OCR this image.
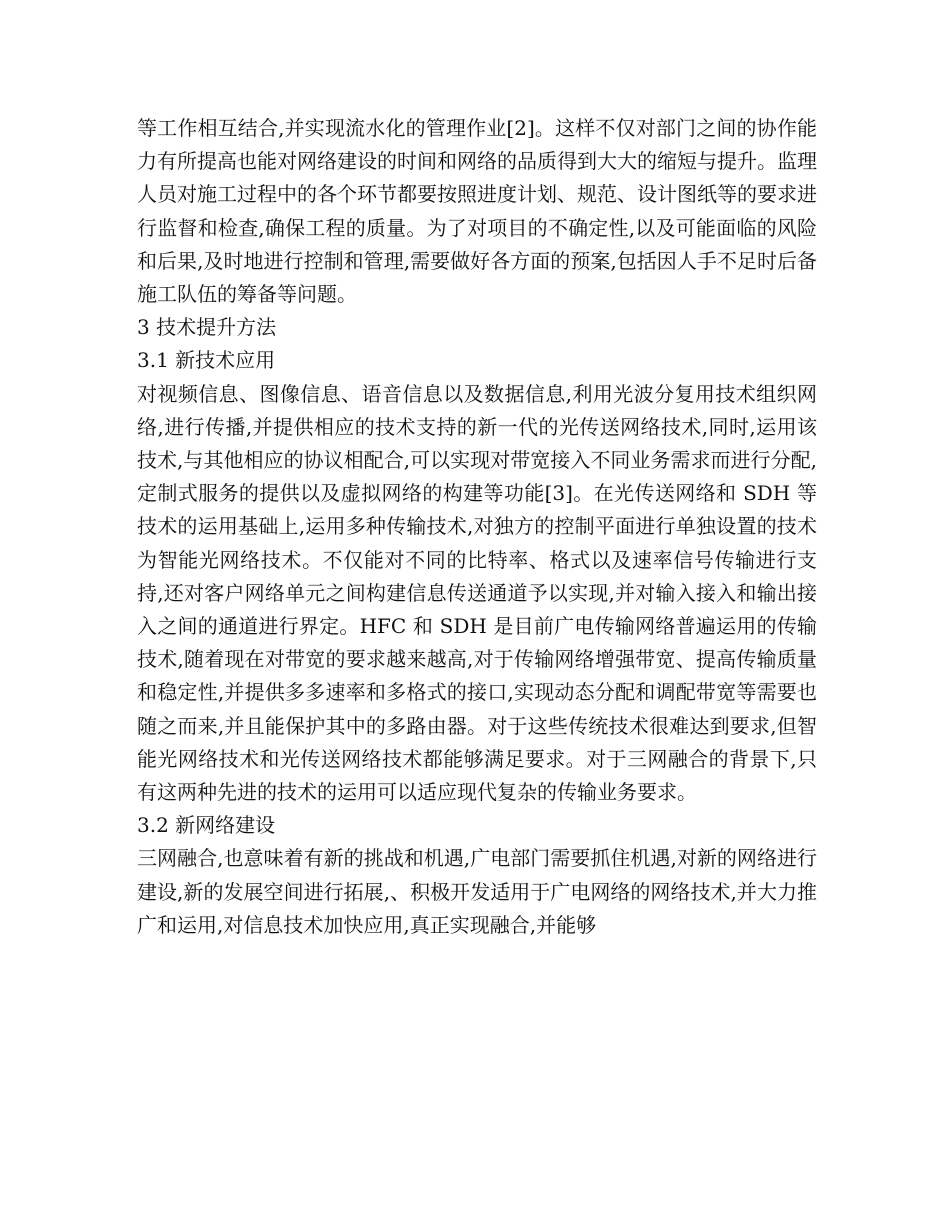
等工作相互结合,并实现流水化的管理作业[2]。这样不仅对部门之间的协作能力有所提高也能对网络建设的时间和网络的品质得到大大的缩短与提升。监理人员对施工过程中的各个环节都要按照进度计划、规范、设计图纸等的要求进行监督和检查,确保工程的质量。为了对项目的不确定性,以及可能面临的风险和后果,及时地进行控制和管理,需要做好各方面的预案,包括因人手不足时后备施工队伍的筹备等问题。

3 技术提升方法
3.1 新技术应用

对视频信息、图像信息、语音信息以及数据信息,利用光波分复用技术组织网络,进行传播,并提供相应的技术支持的新一代的光传送网络技术,同时,运用该技术,与其他相应的协议相配合,可以实现对带宽接入不同业务需求而进行分配,定制式服务的提供以及虚拟网络的构建等功能[3]。在光传送网络和 SDH 等技术的运用基础上,运用多种传输技术,对独方的控制平面进行单独设置的技术为智能光网络技术。不仅能对不同的比特率、格式以及速率信号传输进行支持,还对客户网络单元之间构建信息传送通道予以实现,并对输入接入和输出接入之间的通道进行界定。HFC 和 SDH 是目前广电传输网络普遍运用的传输技术,随着现在对带宽的要求越来越高,对于传输网络增强带宽、提高传输质量和稳定性,并提供多多速率和多格式的接口,实现动态分配和调配带宽等需要也随之而来,并且能保护其中的多路由器。对于这些传统技术很难达到要求,但智能光网络技术和光传送网络技术都能够满足要求。对于三网融合的背景下,只有这两种先进的技术的运用可以适应现代复杂的传输业务要求。

3.2 新网络建设

三网融合,也意味着有新的挑战和机遇,广电部门需要抓住机遇,对新的网络进行建设,新的发展空间进行拓展,、积极开发适用于广电网络的网络技术,并大力推广和运用,对信息技术加快应用,真正实现融合,并能够
